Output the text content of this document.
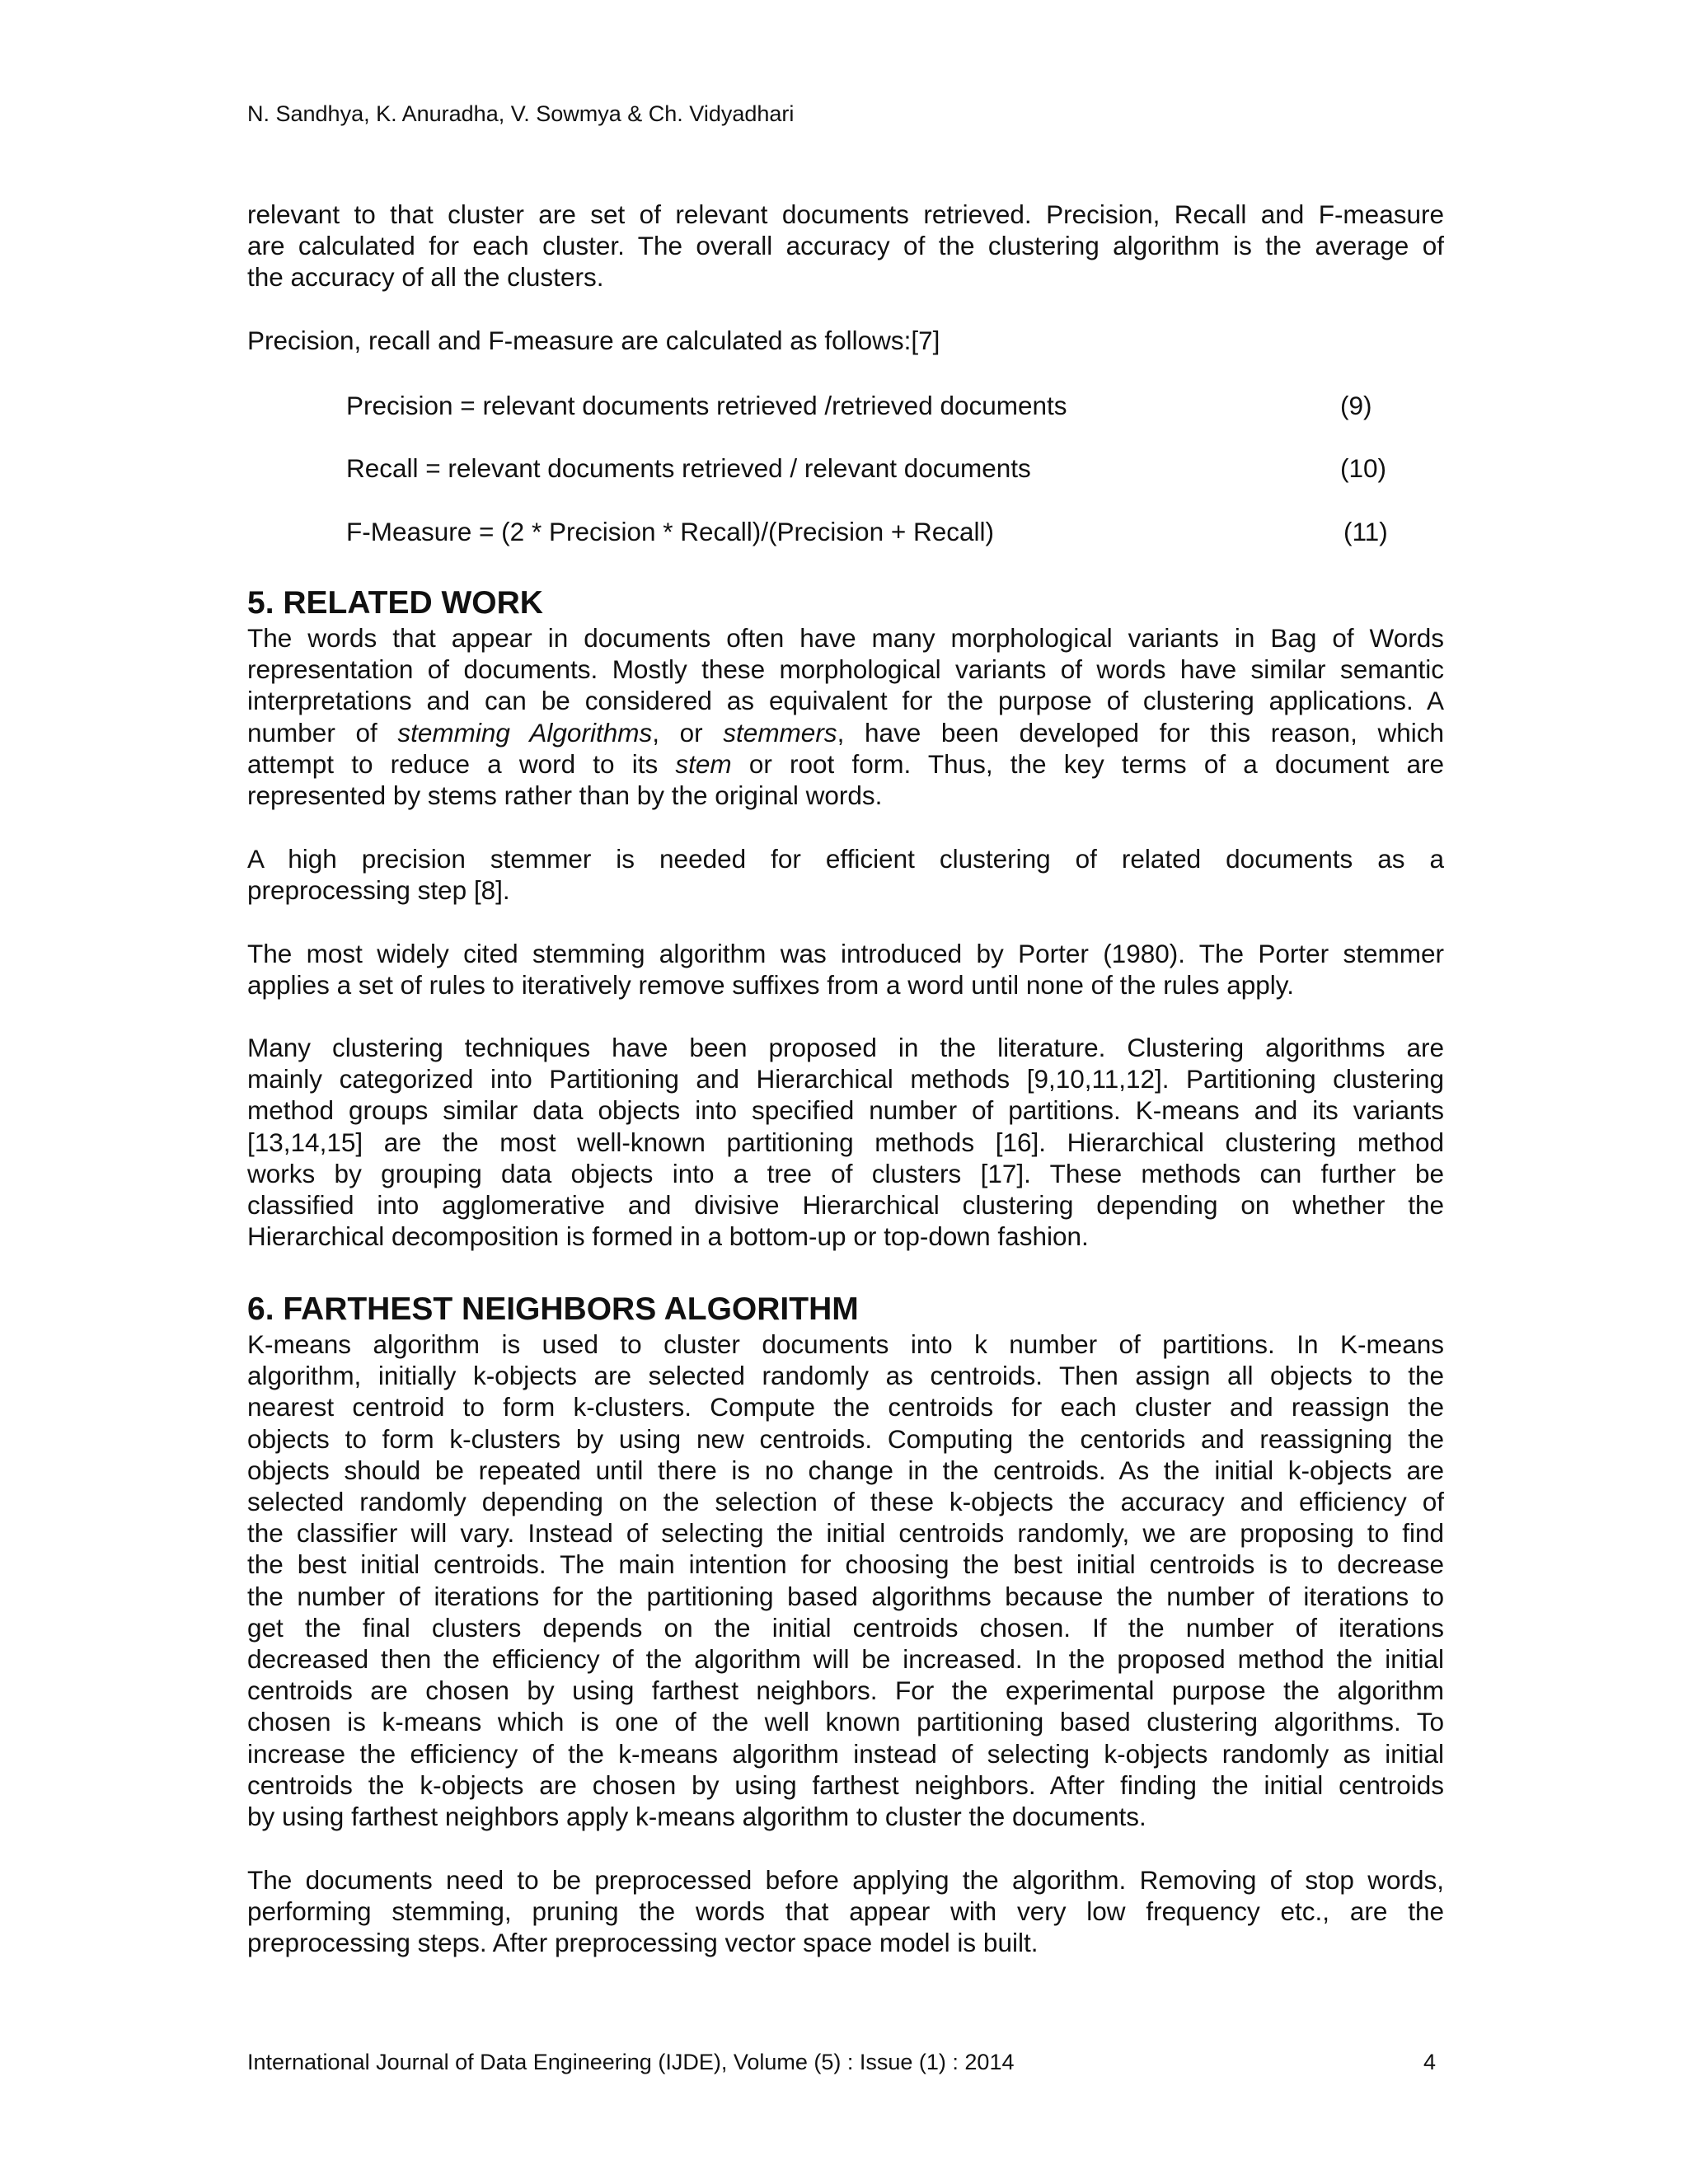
N. Sandhya, K. Anuradha, V. Sowmya & Ch. Vidyadhari
relevant to that cluster are set of relevant documents retrieved. Precision, Recall and F-measure
are calculated for each cluster. The overall accuracy of the clustering algorithm is the average of
the accuracy of all the clusters.
Precision, recall and F-measure are calculated as follows:[7]
Precision = relevant documents retrieved /retrieved documents	(9)
Recall = relevant documents retrieved / relevant documents	(10)
F-Measure = (2 * Precision * Recall)/(Precision + Recall)	(11)
5. RELATED WORK
The words that appear in documents often have many morphological variants in Bag of Words
representation of documents. Mostly these morphological variants of words have similar semantic
interpretations and can be considered as equivalent for the purpose of clustering applications. A
number of stemming Algorithms, or stemmers, have been developed for this reason, which
attempt to reduce a word to its stem or root form. Thus, the key terms of a document are
represented by stems rather than by the original words.
A high precision stemmer is needed for efficient clustering of related documents as a
preprocessing step [8].
The most widely cited stemming algorithm was introduced by Porter (1980). The Porter stemmer
applies a set of rules to iteratively remove suffixes from a word until none of the rules apply.
Many clustering techniques have been proposed in the literature. Clustering algorithms are
mainly categorized into Partitioning and Hierarchical methods [9,10,11,12]. Partitioning clustering
method groups similar data objects into specified number of partitions. K-means and its variants
[13,14,15] are the most well-known partitioning methods [16]. Hierarchical clustering method
works by grouping data objects into a tree of clusters [17]. These methods can further be
classified into agglomerative and divisive Hierarchical clustering depending on whether the
Hierarchical decomposition is formed in a bottom-up or top-down fashion.
6. FARTHEST NEIGHBORS ALGORITHM
K-means algorithm is used to cluster documents into k number of partitions. In K-means
algorithm, initially k-objects are selected randomly as centroids. Then assign all objects to the
nearest centroid to form k-clusters. Compute the centroids for each cluster and reassign the
objects to form k-clusters by using new centroids. Computing the centorids and reassigning the
objects should be repeated until there is no change in the centroids. As the initial k-objects are
selected randomly depending on the selection of these k-objects the accuracy and efficiency of
the classifier will vary. Instead of selecting the initial centroids randomly, we are proposing to find
the best initial centroids. The main intention for choosing the best initial centroids is to decrease
the number of iterations for the partitioning based algorithms because the number of iterations to
get the final clusters depends on the initial centroids chosen. If the number of iterations
decreased then the efficiency of the algorithm will be increased. In the proposed method the initial
centroids are chosen by using farthest neighbors. For the experimental purpose the algorithm
chosen is k-means which is one of the well known partitioning based clustering algorithms. To
increase the efficiency of the k-means algorithm instead of selecting k-objects randomly as initial
centroids the k-objects are chosen by using farthest neighbors. After finding the initial centroids
by using farthest neighbors apply k-means algorithm to cluster the documents.
The documents need to be preprocessed before applying the algorithm. Removing of stop words,
performing stemming, pruning the words that appear with very low frequency etc., are the
preprocessing steps. After preprocessing vector space model is built.
International Journal of Data Engineering (IJDE), Volume (5) : Issue (1) : 2014	4
